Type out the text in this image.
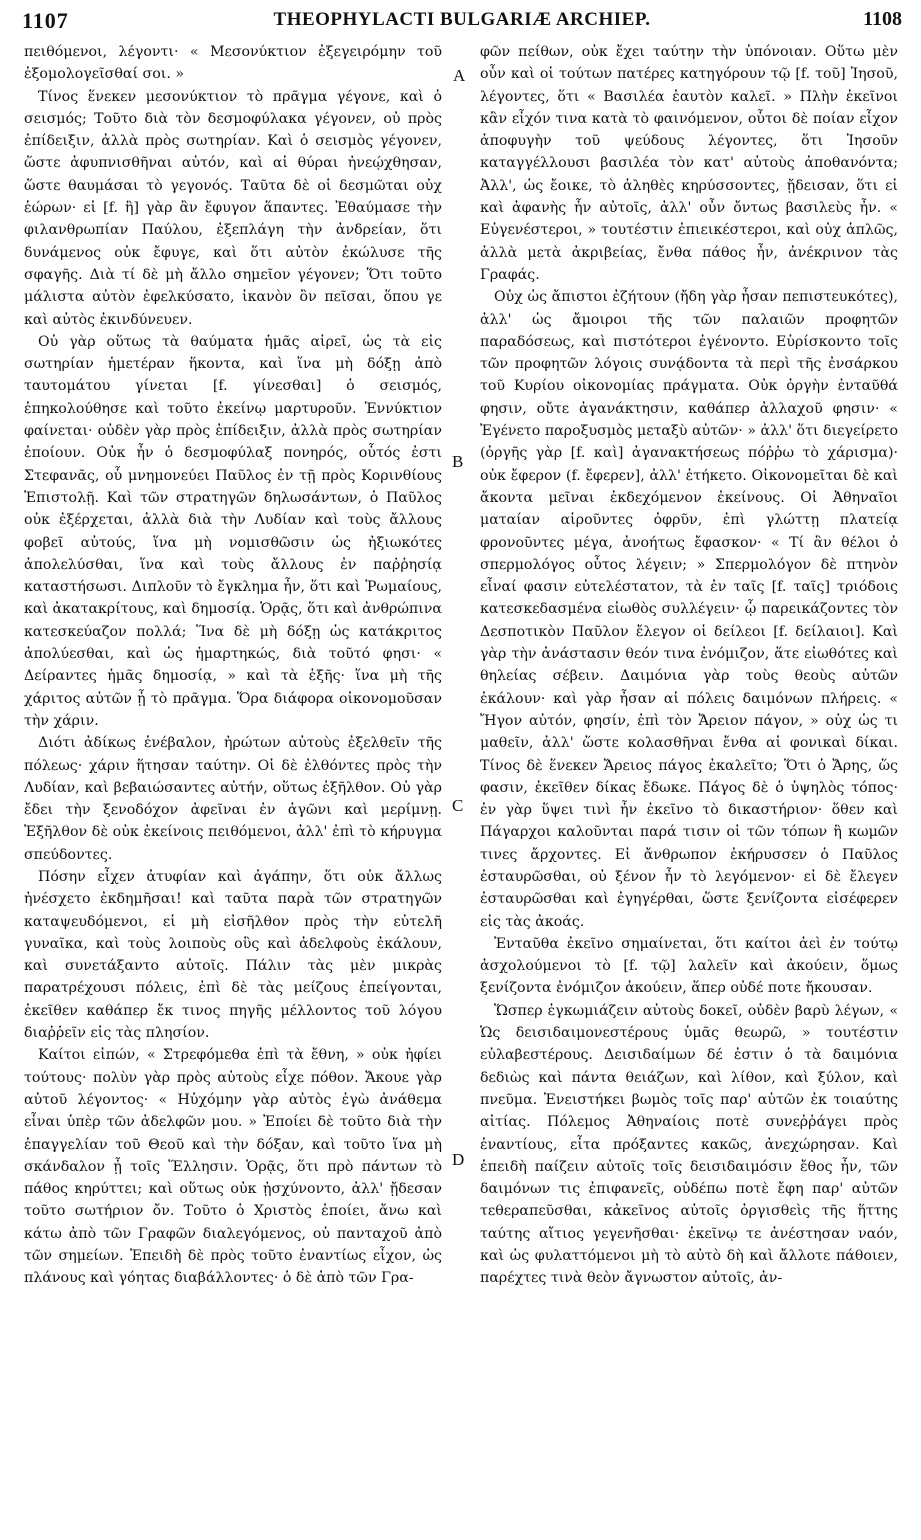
1107	THEOPHYLACTI BULGARIÆ ARCHIEP.	1108

πειθόμενοι, λέγοντι· « Μεσονύκτιον ἐξεγειρόμην τοῦ ἐξομολογεῖσθαί σοι. »

Τίνος ἕνεκεν μεσονύκτιον τὸ πρᾶγμα γέγονε, καὶ ὁ σεισμός; Τοῦτο διὰ τὸν δεσμοφύλακα γέγονεν, οὐ πρὸς ἐπίδειξιν, ἀλλὰ πρὸς σωτηρίαν. Καὶ ὁ σεισμὸς γέγονεν, ὥστε ἀφυπνισθῆναι αὐτόν, καὶ αἱ θύραι ἠνεῴχθησαν, ὥστε θαυμάσαι τὸ γεγονός. Ταῦτα δὲ οἱ δεσμῶται οὐχ ἑώρων· εἰ [f. ἢ] γὰρ ἂν ἔφυγον ἅπαντες. Ἐθαύμασε τὴν φιλανθρωπίαν Παύλου, ἐξεπλάγη τὴν ἀνδρείαν, ὅτι δυνάμενος οὐκ ἔφυγε, καὶ ὅτι αὐτὸν ἐκώλυσε τῆς σφαγῆς. Διὰ τί δὲ μὴ ἄλλο σημεῖον γέγονεν; Ὅτι τοῦτο μάλιστα αὐτὸν ἐφελκύσατο, ἱκανὸν ὂν πεῖσαι, ὅπου γε καὶ αὐτὸς ἐκινδύνευεν.

Οὐ γὰρ οὕτως τὰ θαύματα ἡμᾶς αἱρεῖ, ὡς τὰ εἰς σωτηρίαν ἡμετέραν ἥκοντα, καὶ ἵνα μὴ δόξῃ ἀπὸ ταυτομάτου γίνεται [f. γίνεσθαι] ὁ σεισμός, ἐπηκολούθησε καὶ τοῦτο ἐκείνῳ μαρτυροῦν. Ἐννύκτιον φαίνεται· οὐδὲν γὰρ πρὸς ἐπίδειξιν, ἀλλὰ πρὸς σωτηρίαν ἐποίουν. Οὐκ ἦν ὁ δεσμοφύλαξ πονηρός, οὗτός ἐστι Στεφανᾶς, οὗ μνημονεύει Παῦλος ἐν τῇ πρὸς Κορινθίους Ἐπιστολῇ. Καὶ τῶν στρατηγῶν δηλωσάντων, ὁ Παῦλος οὐκ ἐξέρχεται, ἀλλὰ διὰ τὴν Λυδίαν καὶ τοὺς ἄλλους φοβεῖ αὐτούς, ἵνα μὴ νομισθῶσιν ὡς ἠξιωκότες ἀπολελύσθαι, ἵνα καὶ τοὺς ἄλλους ἐν παῤῥησίᾳ καταστήσωσι. Διπλοῦν τὸ ἔγκλημα ἦν, ὅτι καὶ Ῥωμαίους, καὶ ἀκατακρίτους, καὶ δημοσίᾳ. Ὁρᾷς, ὅτι καὶ ἀνθρώπινα κατεσκεύαζον πολλά; Ἵνα δὲ μὴ δόξῃ ὡς κατάκριτος ἀπολύεσθαι, καὶ ὡς ἡμαρτηκώς, διὰ τοῦτό φησι· « Δείραντες ἡμᾶς δημοσίᾳ, » καὶ τὰ ἑξῆς· ἵνα μὴ τῆς χάριτος αὐτῶν ᾖ τὸ πρᾶγμα. Ὅρα διάφορα οἰκονομοῦσαν τὴν χάριν.

Διότι ἀδίκως ἐνέβαλον, ἠρώτων αὐτοὺς ἐξελθεῖν τῆς πόλεως· χάριν ἥτησαν ταύτην. Οἱ δὲ ἐλθόντες πρὸς τὴν Λυδίαν, καὶ βεβαιώσαντες αὐτήν, οὕτως ἐξῆλθον. Οὐ γὰρ ἔδει τὴν ξενοδόχον ἀφεῖναι ἐν ἀγῶνι καὶ μερίμνῃ. Ἐξῆλθον δὲ οὐκ ἐκείνοις πειθόμενοι, ἀλλ' ἐπὶ τὸ κήρυγμα σπεύδοντες.

Πόσην εἶχεν ἀτυφίαν καὶ ἀγάπην, ὅτι οὐκ ἄλλως ἠνέσχετο ἐκδημῆσαι! καὶ ταῦτα παρὰ τῶν στρατηγῶν καταψευδόμενοι, εἰ μὴ εἰσῆλθον πρὸς τὴν εὐτελῆ γυναῖκα, καὶ τοὺς λοιποὺς οὓς καὶ ἀδελφοὺς ἐκάλουν, καὶ συνετάξαντο αὐτοῖς. Πάλιν τὰς μὲν μικρὰς παρατρέχουσι πόλεις, ἐπὶ δὲ τὰς μείζους ἐπείγονται, ἐκεῖθεν καθάπερ ἔκ τινος πηγῆς μέλλοντος τοῦ λόγου διαῤῥεῖν εἰς τὰς πλησίον.

Καίτοι εἰπών, « Στρεφόμεθα ἐπὶ τὰ ἔθνη, » οὐκ ἠφίει τούτους· πολὺν γὰρ πρὸς αὐτοὺς εἶχε πόθον. Ἄκουε γὰρ αὐτοῦ λέγοντος· « Ηὐχόμην γὰρ αὐτὸς ἐγὼ ἀνάθεμα εἶναι ὑπὲρ τῶν ἀδελφῶν μου. » Ἐποίει δὲ τοῦτο διὰ τὴν ἐπαγγελίαν τοῦ Θεοῦ καὶ τὴν δόξαν, καὶ τοῦτο ἵνα μὴ σκάνδαλον ᾖ τοῖς Ἕλλησιν. Ὁρᾷς, ὅτι πρὸ πάντων τὸ πάθος κηρύττει; καὶ οὕτως οὐκ ᾐσχύνοντο, ἀλλ' ᾔδεσαν τοῦτο σωτήριον ὄν. Τοῦτο ὁ Χριστὸς ἐποίει, ἄνω καὶ κάτω ἀπὸ τῶν Γραφῶν διαλεγόμενος, οὐ πανταχοῦ ἀπὸ τῶν σημείων. Ἐπειδὴ δὲ πρὸς τοῦτο ἐναντίως εἶχον, ὡς πλάνους καὶ γόητας διαβάλλοντες· ὁ δὲ ἀπὸ τῶν Γρα-

A
B
C
D

φῶν πείθων, οὐκ ἔχει ταύτην τὴν ὑπόνοιαν. Οὕτω μὲν οὖν καὶ οἱ τούτων πατέρες κατηγόρουν τῷ [f. τοῦ] Ἰησοῦ, λέγοντες, ὅτι « Βασιλέα ἑαυτὸν καλεῖ. » Πλὴν ἐκεῖνοι κἂν εἶχόν τινα κατὰ τὸ φαινόμενον, οὗτοι δὲ ποίαν εἶχον ἀποφυγὴν τοῦ ψεύδους λέγοντες, ὅτι Ἰησοῦν καταγγέλλουσι βασιλέα τὸν κατ' αὐτοὺς ἀποθανόντα; Ἀλλ', ὡς ἔοικε, τὸ ἀληθὲς κηρύσσοντες, ᾔδεισαν, ὅτι εἰ καὶ ἀφανὴς ἦν αὐτοῖς, ἀλλ' οὖν ὄντως βασιλεὺς ἦν. « Εὐγενέστεροι, » τουτέστιν ἐπιεικέστεροι, καὶ οὐχ ἁπλῶς, ἀλλὰ μετὰ ἀκριβείας, ἔνθα πάθος ἦν, ἀνέκρινον τὰς Γραφάς.

Οὐχ ὡς ἄπιστοι ἐζήτουν (ἤδη γὰρ ἦσαν πεπιστευκότες), ἀλλ' ὡς ἄμοιροι τῆς τῶν παλαιῶν προφητῶν παραδόσεως, καὶ πιστότεροι ἐγένοντο. Εὑρίσκοντο τοῖς τῶν προφητῶν λόγοις συνᾴδοντα τὰ περὶ τῆς ἐνσάρκου τοῦ Κυρίου οἰκονομίας πράγματα. Οὐκ ὀργὴν ἐνταῦθά φησιν, οὔτε ἀγανάκτησιν, καθάπερ ἀλλαχοῦ φησιν· « Ἐγένετο παροξυσμὸς μεταξὺ αὐτῶν· » ἀλλ' ὅτι διεγείρετο (ὀργῆς γὰρ [f. καὶ] ἀγανακτήσεως πόῤῥω τὸ χάρισμα)· οὐκ ἔφερον (f. ἔφερεν], ἀλλ' ἐτήκετο. Οἰκονομεῖται δὲ καὶ ἄκοντα μεῖναι ἐκδεχόμενον ἐκείνους. Οἱ Ἀθηναῖοι ματαίαν αἱροῦντες ὀφρῦν, ἐπὶ γλώττῃ πλατείᾳ φρονοῦντες μέγα, ἀνοήτως ἔφασκον· « Τί ἂν θέλοι ὁ σπερμολόγος οὗτος λέγειν; » Σπερμολόγον δὲ πτηνὸν εἶναί φασιν εὐτελέστατον, τὰ ἐν ταῖς [f. ταῖς] τριόδοις κατεσκεδασμένα εἰωθὸς συλλέγειν· ᾧ παρεικάζοντες τὸν Δεσποτικὸν Παῦλον ἔλεγον οἱ δείλεοι [f. δείλαιοι]. Καὶ γὰρ τὴν ἀνάστασιν θεόν τινα ἐνόμιζον, ἅτε εἰωθότες καὶ θηλείας σέβειν. Δαιμόνια γὰρ τοὺς θεοὺς αὐτῶν ἐκάλουν· καὶ γὰρ ἦσαν αἱ πόλεις δαιμόνων πλήρεις. « Ἤγον αὐτόν, φησίν, ἐπὶ τὸν Ἄρειον πάγον, » οὐχ ὡς τι μαθεῖν, ἀλλ' ὥστε κολασθῆναι ἔνθα αἱ φονικαὶ δίκαι. Τίνος δὲ ἕνεκεν Ἄρειος πάγος ἐκαλεῖτο; Ὅτι ὁ Ἄρης, ὥς φασιν, ἐκεῖθεν δίκας ἔδωκε. Πάγος δὲ ὁ ὑψηλὸς τόπος· ἐν γὰρ ὕψει τινὶ ἦν ἐκεῖνο τὸ δικαστήριον· ὅθεν καὶ Πάγαρχοι καλοῦνται παρά τισιν οἱ τῶν τόπων ἢ κωμῶν τινες ἄρχοντες. Εἰ ἄνθρωπον ἐκήρυσσεν ὁ Παῦλος ἐσταυρῶσθαι, οὐ ξένον ἦν τὸ λεγόμενον· εἰ δὲ ἔλεγεν ἐσταυρῶσθαι καὶ ἐγηγέρθαι, ὥστε ξενίζοντα εἰσέφερεν εἰς τὰς ἀκοάς.

Ἐνταῦθα ἐκεῖνο σημαίνεται, ὅτι καίτοι ἀεὶ ἐν τούτῳ ἀσχολούμενοι τὸ [f. τῷ] λαλεῖν καὶ ἀκούειν, ὅμως ξενίζοντα ἐνόμιζον ἀκούειν, ἅπερ οὐδέ ποτε ἤκουσαν.

Ὥσπερ ἐγκωμιάζειν αὐτοὺς δοκεῖ, οὐδὲν βαρὺ λέγων, « Ὡς δεισιδαιμονεστέρους ὑμᾶς θεωρῶ, » τουτέστιν εὐλαβεστέρους. Δεισιδαίμων δέ ἐστιν ὁ τὰ δαιμόνια δεδιὼς καὶ πάντα θειάζων, καὶ λίθον, καὶ ξύλον, καὶ πνεῦμα. Ἐνειστήκει βωμὸς τοῖς παρ' αὐτῶν ἐκ τοιαύτης αἰτίας. Πόλεμος Ἀθηναίοις ποτὲ συνεῤῥάγει πρὸς ἐναντίους, εἶτα πρόξαντες κακῶς, ἀνεχώρησαν. Καὶ ἐπειδὴ παίζειν αὐτοῖς τοῖς δεισιδαιμόσιν ἔθος ἦν, τῶν δαιμόνων τις ἐπιφανεῖς, οὐδέπω ποτὲ ἔφη παρ' αὐτῶν τεθεραπεῦσθαι, κἀκεῖνος αὐτοῖς ὀργισθεὶς τῆς ἥττης ταύτης αἴτιος γεγενῆσθαι· ἐκεῖνῳ τε ἀνέστησαν ναόν, καὶ ὡς φυλαττόμενοι μὴ τὸ αὐτὸ δὴ καὶ ἄλλοτε πάθοιεν, παρέχτες τινὰ θεὸν ἄγνωστον αὐτοῖς, ἀν-
